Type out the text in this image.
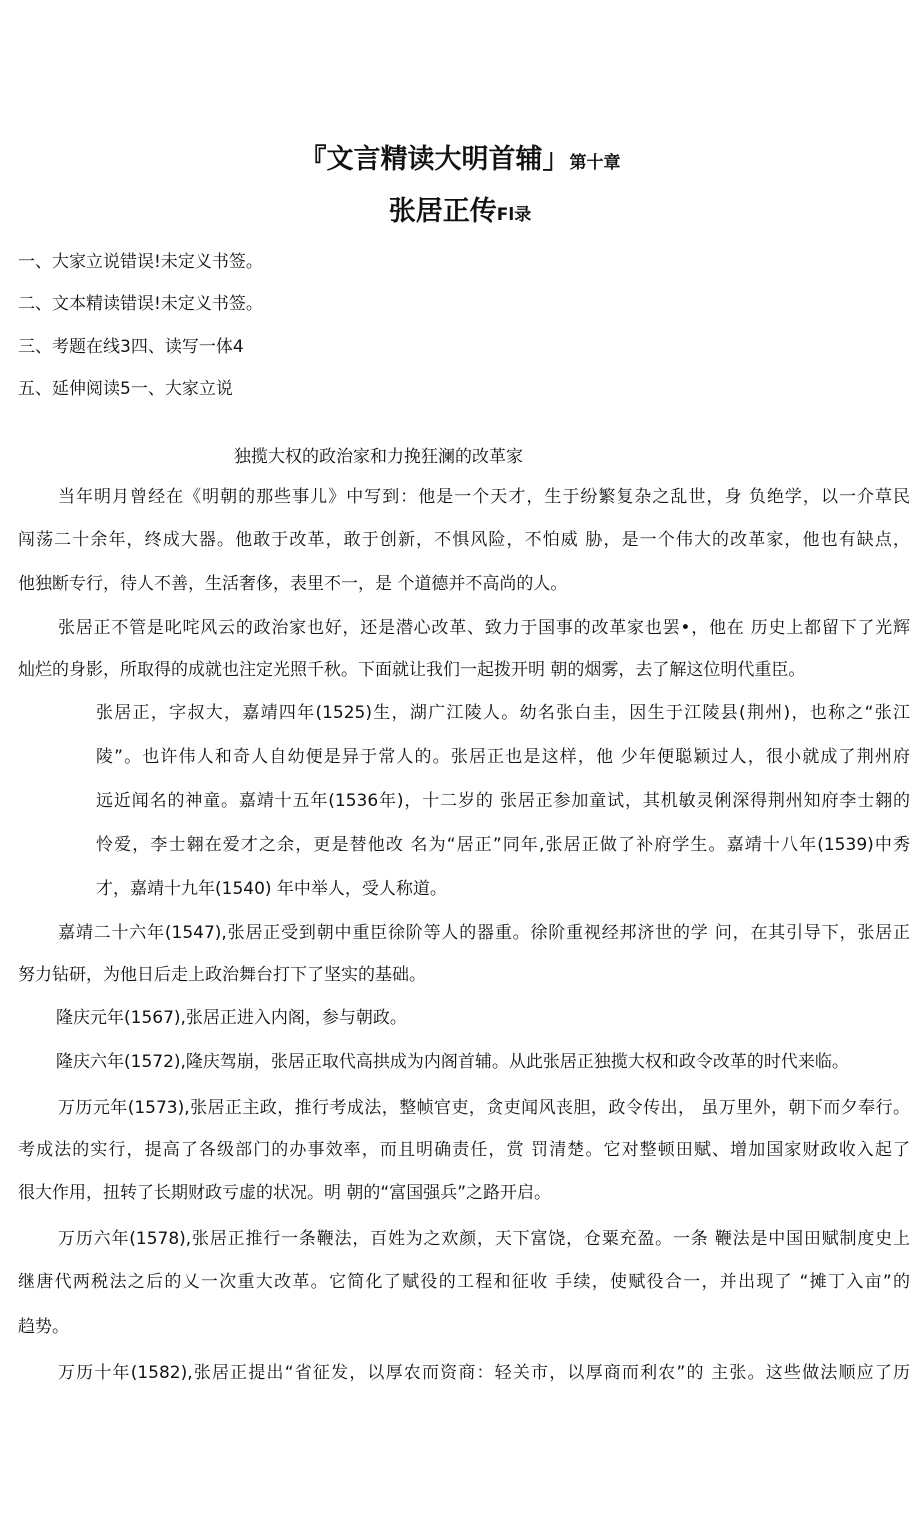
『文言精读大明首辅」第十章
张居正传Fl录
一、大家立说错误!未定义书签。
二、文本精读错误!未定义书签。
三、考题在线3四、读写一体4
五、延伸阅读5一、大家立说
独揽大权的政治家和力挽狂澜的改革家
当年明月曾经在《明朝的那些事儿》中写到：他是一个天才，生于纷繁复杂之乱世，身 负绝学，以一介草民
闯荡二十余年，终成大器。他敢于改革，敢于创新，不惧风险，不怕威 胁，是一个伟大的改革家，他也有缺点，
他独断专行，待人不善，生活奢侈，表里不一，是 个道德并不高尚的人。
张居正不管是叱咤风云的政治家也好，还是潜心改革、致力于国事的改革家也罢•，他在 历史上都留下了光辉
灿烂的身影，所取得的成就也注定光照千秋。下面就让我们一起拨开明 朝的烟雾，去了解这位明代重臣。
张居正，字叔大，嘉靖四年(1525)生，湖广江陵人。幼名张白圭，因生于江陵县(荆州)，也称之“张江
陵”。也许伟人和奇人自幼便是异于常人的。张居正也是这样，他 少年便聪颖过人，很小就成了荆州府
远近闻名的神童。嘉靖十五年(1536年)，十二岁的 张居正参加童试，其机敏灵俐深得荆州知府李士翱的
怜爱，李士翱在爱才之余，更是替他改 名为“居正”同年,张居正做了补府学生。嘉靖十八年(1539)中秀
才，嘉靖十九年(1540) 年中举人，受人称道。
嘉靖二十六年(1547),张居正受到朝中重臣徐阶等人的器重。徐阶重视经邦济世的学 问，在其引导下，张居正
努力钻研，为他日后走上政治舞台打下了坚实的基础。
隆庆元年(1567),张居正进入内阁，参与朝政。
隆庆六年(1572),隆庆驾崩，张居正取代高拱成为内阁首辅。从此张居正独揽大权和政令改革的时代来临。
万历元年(1573),张居正主政，推行考成法，整帧官吏，贪吏闻风丧胆，政令传出， 虽万里外，朝下而夕奉行。
考成法的实行，提高了各级部门的办事效率，而且明确责任，赏 罚清楚。它对整顿田赋、增加国家财政收入起了
很大作用，扭转了长期财政亏虚的状况。明 朝的“富国强兵”之路开启。
万历六年(1578),张居正推行一条鞭法，百姓为之欢颜，天下富饶，仓粟充盈。一条 鞭法是中国田赋制度史上
继唐代两税法之后的乂一次重大改革。它简化了赋役的工程和征收 手续，使赋役合一，并出现了 “摊丁入亩”的
趋势。
万历十年(1582),张居正提出“省征发，以厚农而资商：轻关市，以厚商而利农”的 主张。这些做法顺应了历
